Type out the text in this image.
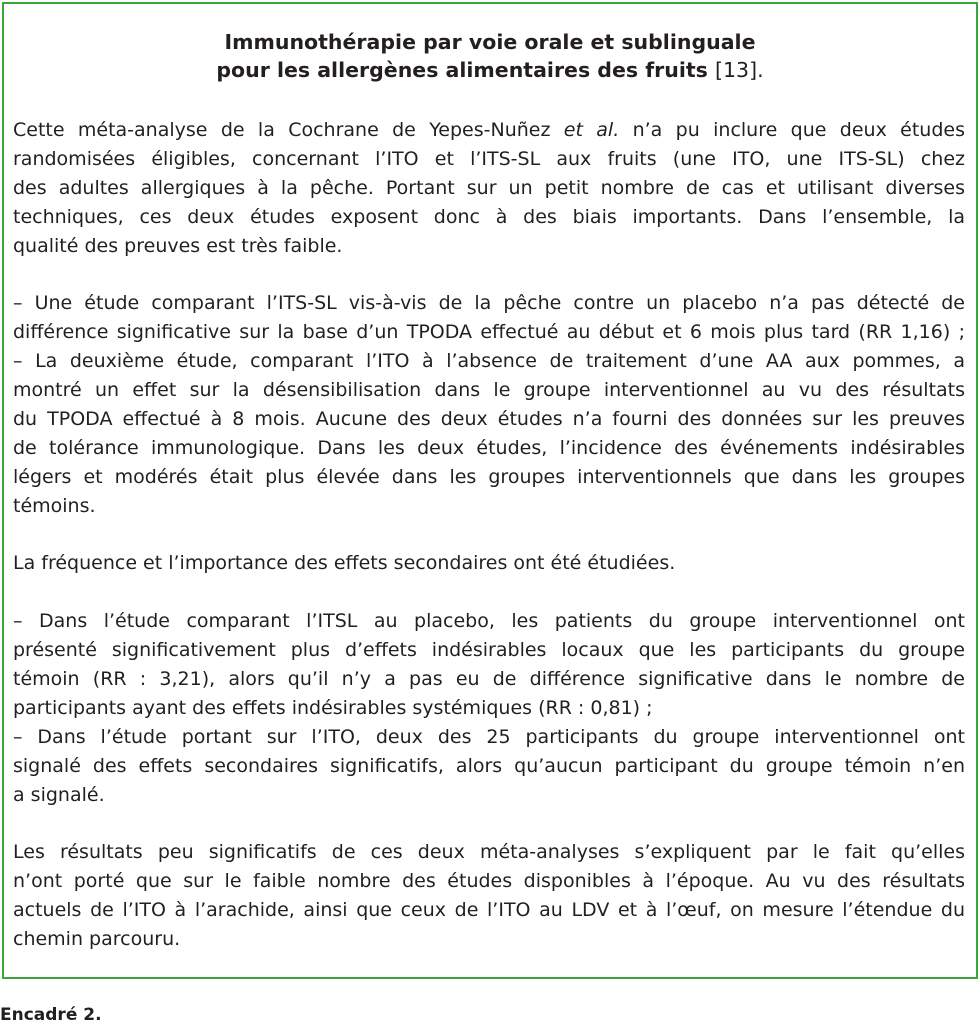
Immunothérapie par voie orale et sublinguale
pour les allergènes alimentaires des fruits [13].
Cette méta-analyse de la Cochrane de Yepes-Nuñez et al. n’a pu inclure que deux études
randomisées éligibles, concernant l’ITO et l’ITS-SL aux fruits (une ITO, une ITS-SL) chez
des adultes allergiques à la pêche. Portant sur un petit nombre de cas et utilisant diverses
techniques, ces deux études exposent donc à des biais importants. Dans l’ensemble, la
qualité des preuves est très faible.
– Une étude comparant l’ITS-SL vis-à-vis de la pêche contre un placebo n’a pas détecté de
différence significative sur la base d’un TPODA effectué au début et 6 mois plus tard (RR 1,16) ;
– La deuxième étude, comparant l’ITO à l’absence de traitement d’une AA aux pommes, a
montré un effet sur la désensibilisation dans le groupe interventionnel au vu des résultats
du TPODA effectué à 8 mois. Aucune des deux études n’a fourni des données sur les preuves
de tolérance immunologique. Dans les deux études, l’incidence des événements indésirables
légers et modérés était plus élevée dans les groupes interventionnels que dans les groupes
témoins.
La fréquence et l’importance des effets secondaires ont été étudiées.
– Dans l’étude comparant l’ITSL au placebo, les patients du groupe interventionnel ont
présenté significativement plus d’effets indésirables locaux que les participants du groupe
témoin (RR : 3,21), alors qu’il n’y a pas eu de différence significative dans le nombre de
participants ayant des effets indésirables systémiques (RR : 0,81) ;
– Dans l’étude portant sur l’ITO, deux des 25 participants du groupe interventionnel ont
signalé des effets secondaires significatifs, alors qu’aucun participant du groupe témoin n’en
a signalé.
Les résultats peu significatifs de ces deux méta-analyses s’expliquent par le fait qu’elles
n’ont porté que sur le faible nombre des études disponibles à l’époque. Au vu des résultats
actuels de l’ITO à l’arachide, ainsi que ceux de l’ITO au LDV et à l’œuf, on mesure l’étendue du
chemin parcouru.
Encadré 2.
